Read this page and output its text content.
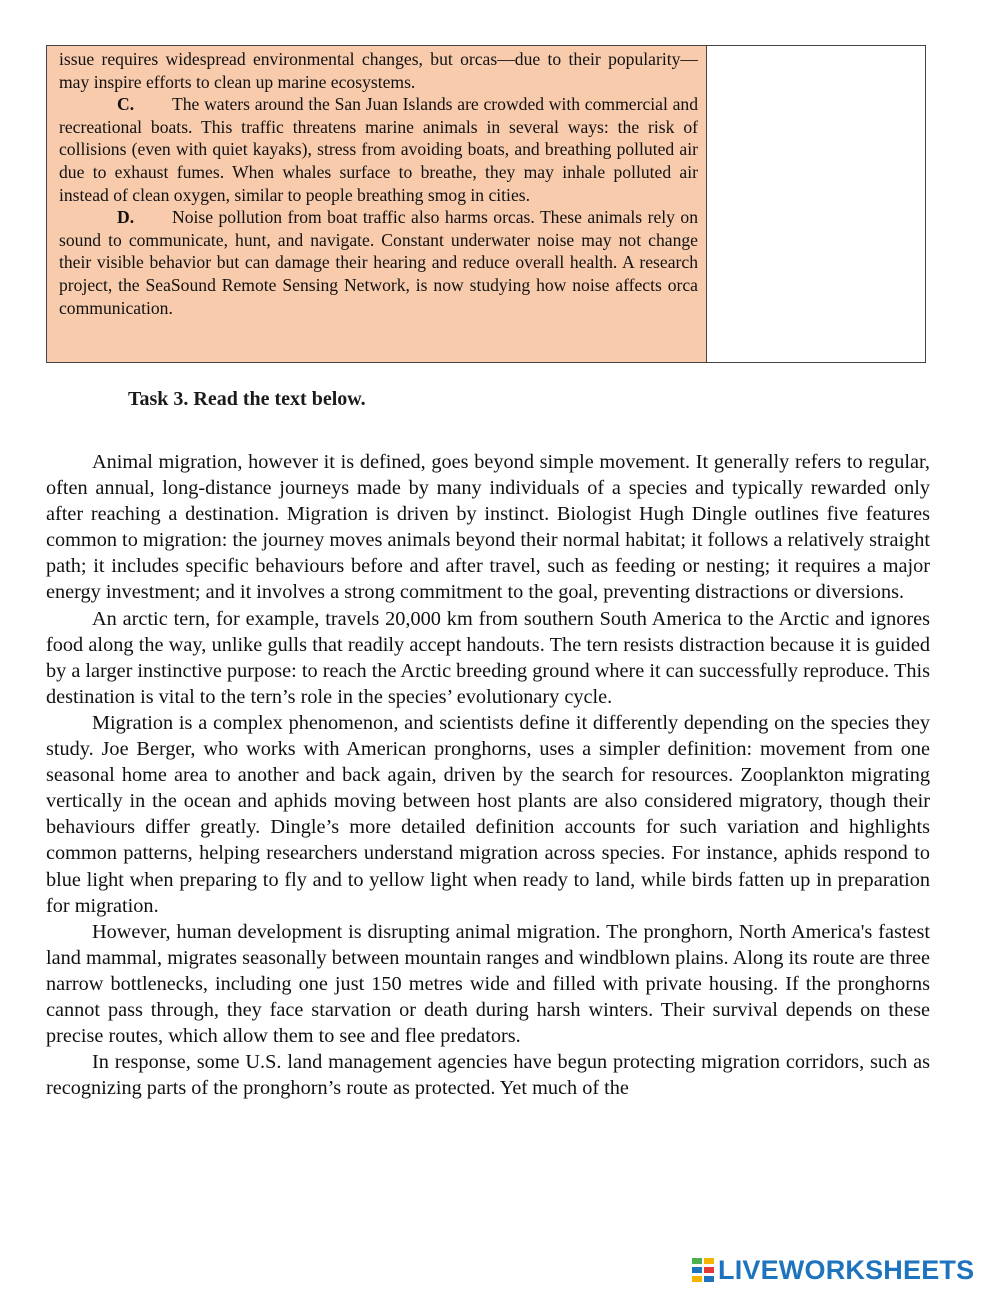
issue requires widespread environmental changes, but orcas—due to their popularity—may inspire efforts to clean up marine ecosystems.

C. The waters around the San Juan Islands are crowded with commercial and recreational boats. This traffic threatens marine animals in several ways: the risk of collisions (even with quiet kayaks), stress from avoiding boats, and breathing polluted air due to exhaust fumes. When whales surface to breathe, they may inhale polluted air instead of clean oxygen, similar to people breathing smog in cities.

D. Noise pollution from boat traffic also harms orcas. These animals rely on sound to communicate, hunt, and navigate. Constant underwater noise may not change their visible behavior but can damage their hearing and reduce overall health. A research project, the SeaSound Remote Sensing Network, is now studying how noise affects orca communication.

Task 3. Read the text below.

Animal migration, however it is defined, goes beyond simple movement. It generally refers to regular, often annual, long-distance journeys made by many individuals of a species and typically rewarded only after reaching a destination. Migration is driven by instinct. Biologist Hugh Dingle outlines five features common to migration: the journey moves animals beyond their normal habitat; it follows a relatively straight path; it includes specific behaviours before and after travel, such as feeding or nesting; it requires a major energy investment; and it involves a strong commitment to the goal, preventing distractions or diversions.

An arctic tern, for example, travels 20,000 km from southern South America to the Arctic and ignores food along the way, unlike gulls that readily accept handouts. The tern resists distraction because it is guided by a larger instinctive purpose: to reach the Arctic breeding ground where it can successfully reproduce. This destination is vital to the tern’s role in the species’ evolutionary cycle.

Migration is a complex phenomenon, and scientists define it differently depending on the species they study. Joe Berger, who works with American pronghorns, uses a simpler definition: movement from one seasonal home area to another and back again, driven by the search for resources. Zooplankton migrating vertically in the ocean and aphids moving between host plants are also considered migratory, though their behaviours differ greatly. Dingle’s more detailed definition accounts for such variation and highlights common patterns, helping researchers understand migration across species. For instance, aphids respond to blue light when preparing to fly and to yellow light when ready to land, while birds fatten up in preparation for migration.

However, human development is disrupting animal migration. The pronghorn, North America's fastest land mammal, migrates seasonally between mountain ranges and windblown plains. Along its route are three narrow bottlenecks, including one just 150 metres wide and filled with private housing. If the pronghorns cannot pass through, they face starvation or death during harsh winters. Their survival depends on these precise routes, which allow them to see and flee predators.

In response, some U.S. land management agencies have begun protecting migration corridors, such as recognizing parts of the pronghorn’s route as protected. Yet much of the

LIVEWORKSHEETS
